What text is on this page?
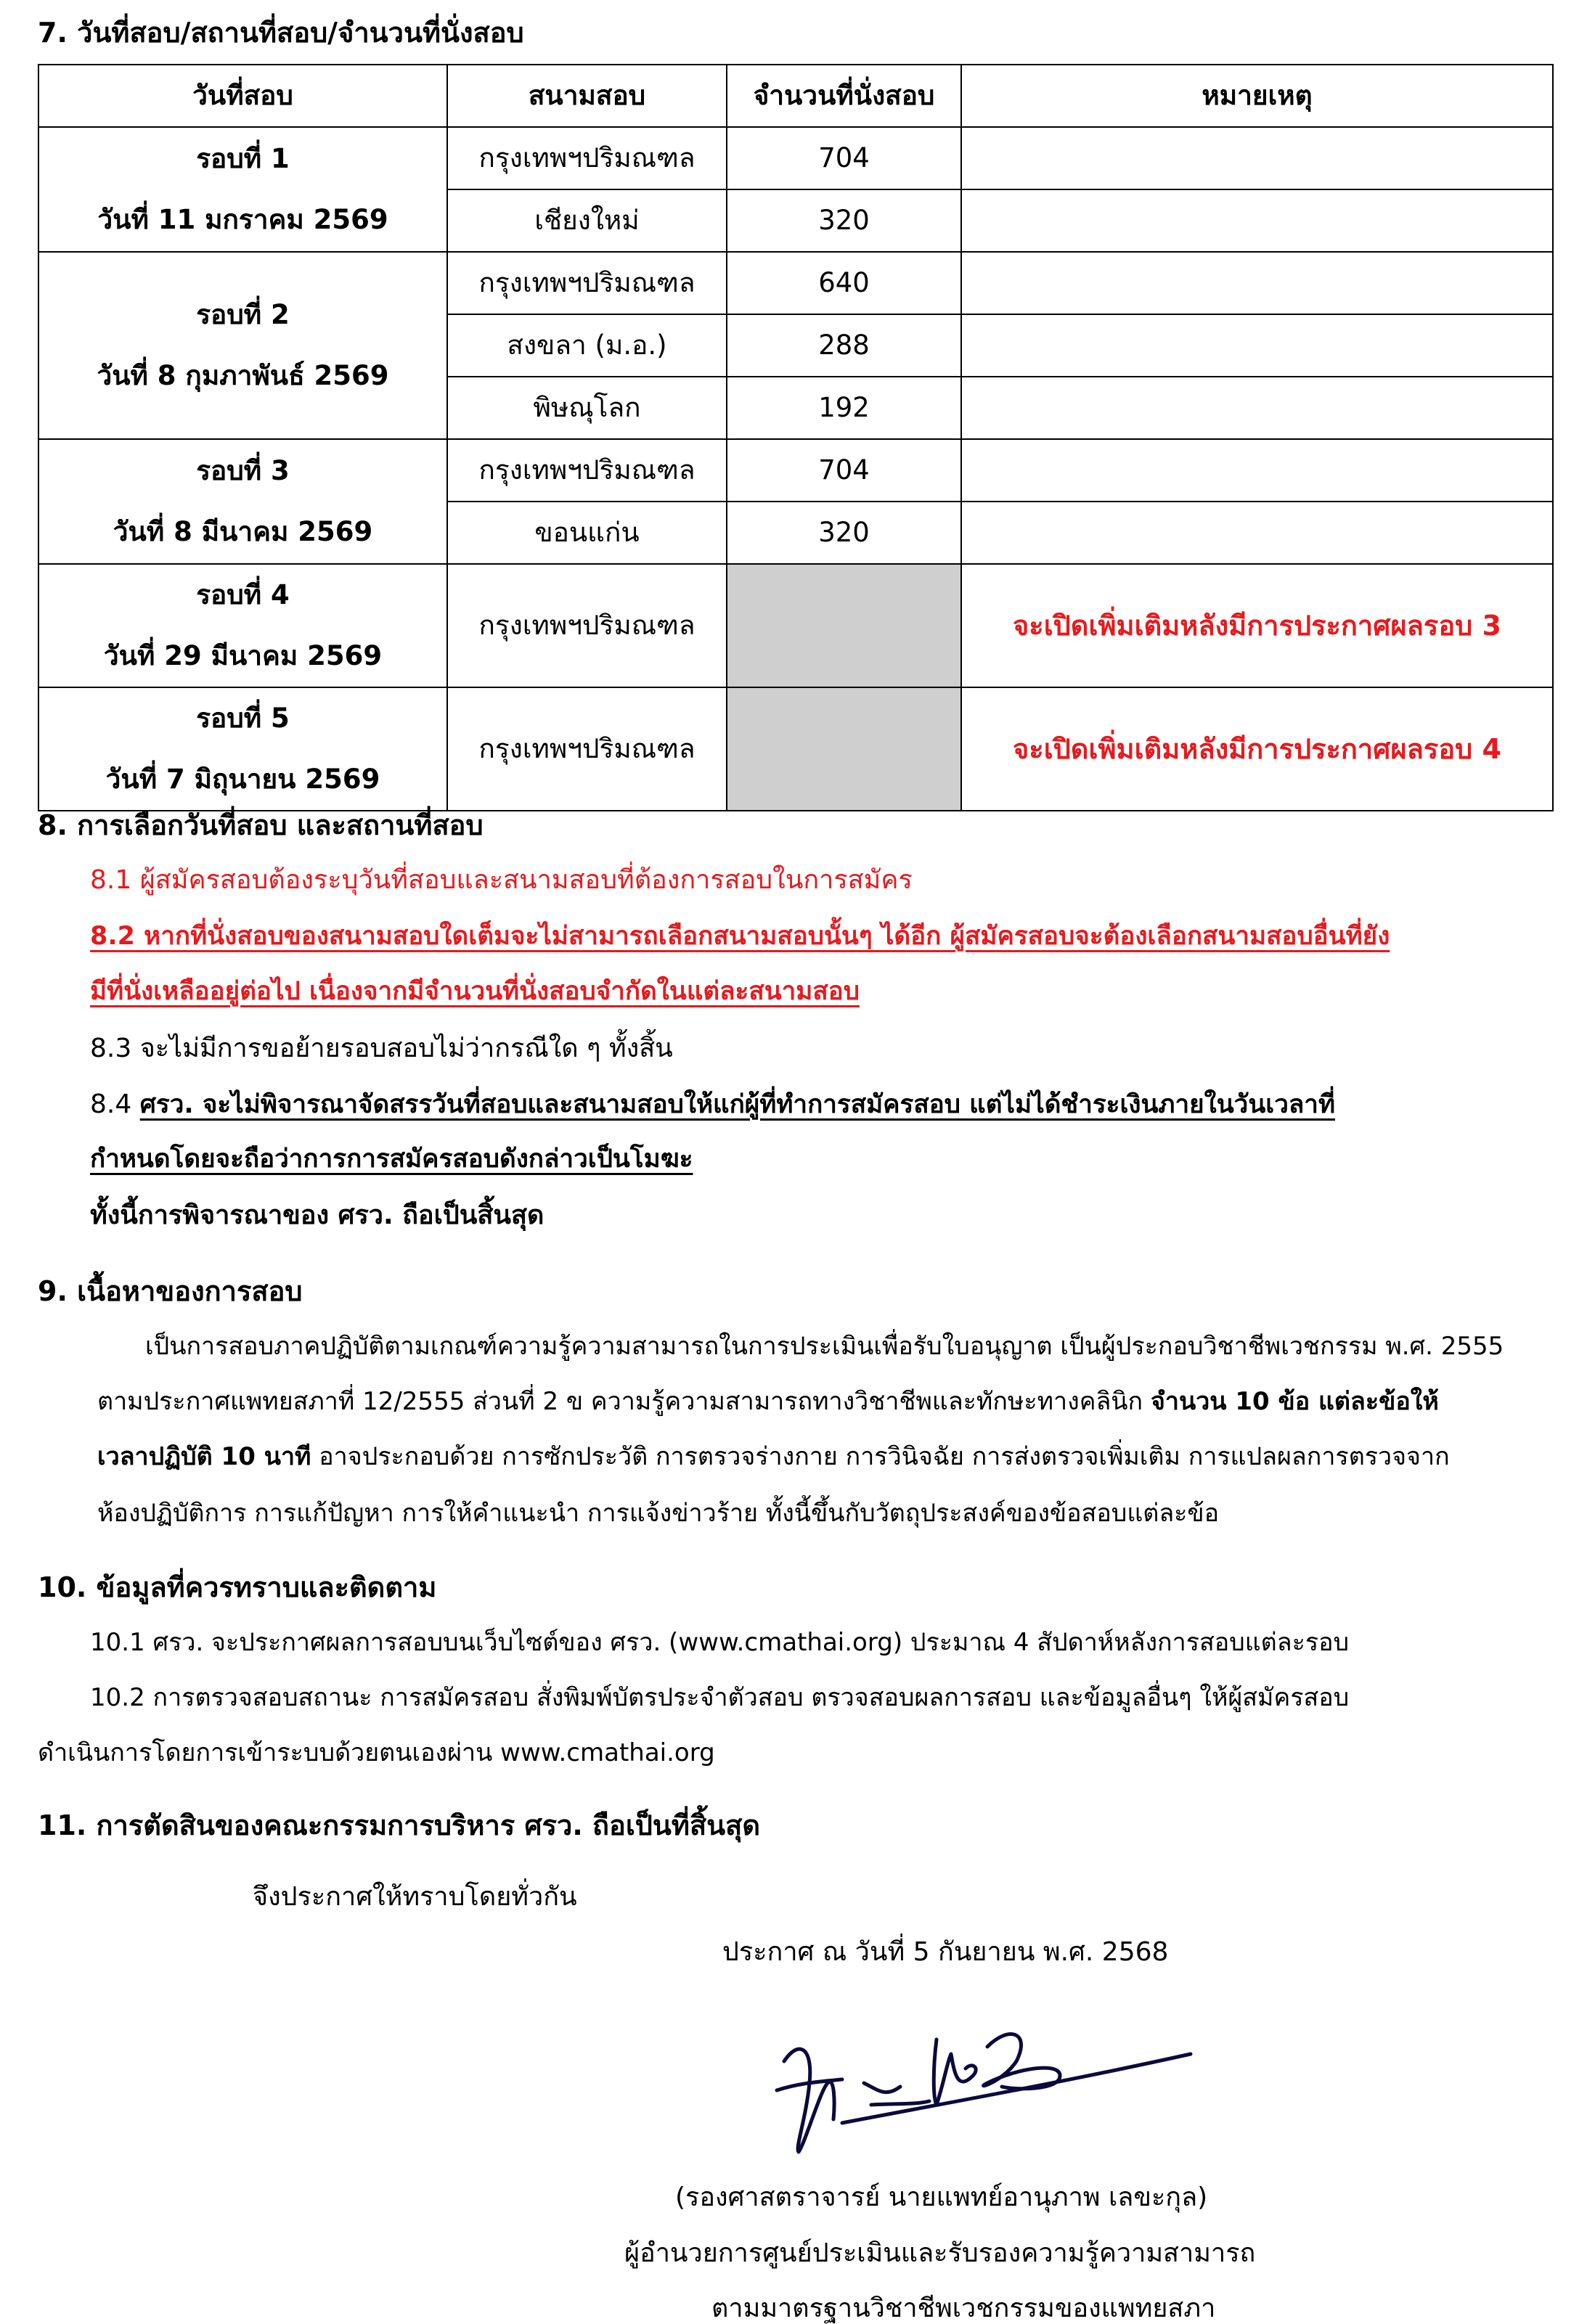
7. วันที่สอบ/สถานที่สอบ/จำนวนที่นั่งสอบ
วันที่สอบ	สนามสอบ	จำนวนที่นั่งสอบ	หมายเหตุ

รอบที่ 1
วันที่ 11 มกราคม 2569	กรุงเทพฯปริมณฑล	704	
	เชียงใหม่	320	

รอบที่ 2
วันที่ 8 กุมภาพันธ์ 2569	กรุงเทพฯปริมณฑล	640	
	สงขลา (ม.อ.)	288	
	พิษณุโลก	192	

รอบที่ 3
วันที่ 8 มีนาคม 2569	กรุงเทพฯปริมณฑล	704	
	ขอนแก่น	320	

รอบที่ 4
วันที่ 29 มีนาคม 2569	กรุงเทพฯปริมณฑล		จะเปิดเพิ่มเติมหลังมีการประกาศผลรอบ 3

รอบที่ 5
วันที่ 7 มิถุนายน 2569	กรุงเทพฯปริมณฑล		จะเปิดเพิ่มเติมหลังมีการประกาศผลรอบ 4
8. การเลือกวันที่สอบ และสถานที่สอบ
8.1 ผู้สมัครสอบต้องระบุวันที่สอบและสนามสอบที่ต้องการสอบในการสมัคร
8.2 หากที่นั่งสอบของสนามสอบใดเต็มจะไม่สามารถเลือกสนามสอบนั้นๆ ได้อีก ผู้สมัครสอบจะต้องเลือกสนามสอบอื่นที่ยัง
มีที่นั่งเหลืออยู่ต่อไป เนื่องจากมีจำนวนที่นั่งสอบจำกัดในแต่ละสนามสอบ
8.3 จะไม่มีการขอย้ายรอบสอบไม่ว่ากรณีใด ๆ ทั้งสิ้น
8.4 ศรว. จะไม่พิจารณาจัดสรรวันที่สอบและสนามสอบให้แก่ผู้ที่ทำการสมัครสอบ แต่ไม่ได้ชำระเงินภายในวันเวลาที่
กำหนดโดยจะถือว่าการการสมัครสอบดังกล่าวเป็นโมฆะ
ทั้งนี้การพิจารณาของ ศรว. ถือเป็นสิ้นสุด
9. เนื้อหาของการสอบ
เป็นการสอบภาคปฏิบัติตามเกณฑ์ความรู้ความสามารถในการประเมินเพื่อรับใบอนุญาต เป็นผู้ประกอบวิชาชีพเวชกรรม พ.ศ. 2555
ตามประกาศแพทยสภาที่ 12/2555 ส่วนที่ 2 ข ความรู้ความสามารถทางวิชาชีพและทักษะทางคลินิก จำนวน 10 ข้อ แต่ละข้อให้
เวลาปฏิบัติ 10 นาที อาจประกอบด้วย การซักประวัติ การตรวจร่างกาย การวินิจฉัย การส่งตรวจเพิ่มเติม การแปลผลการตรวจจาก
ห้องปฏิบัติการ การแก้ปัญหา การให้คำแนะนำ การแจ้งข่าวร้าย ทั้งนี้ขึ้นกับวัตถุประสงค์ของข้อสอบแต่ละข้อ
10. ข้อมูลที่ควรทราบและติดตาม
10.1 ศรว. จะประกาศผลการสอบบนเว็บไซต์ของ ศรว. (www.cmathai.org) ประมาณ 4 สัปดาห์หลังการสอบแต่ละรอบ
10.2 การตรวจสอบสถานะ การสมัครสอบ สั่งพิมพ์บัตรประจำตัวสอบ ตรวจสอบผลการสอบ และข้อมูลอื่นๆ ให้ผู้สมัครสอบ
ดำเนินการโดยการเข้าระบบด้วยตนเองผ่าน www.cmathai.org
11. การตัดสินของคณะกรรมการบริหาร ศรว. ถือเป็นที่สิ้นสุด
จึงประกาศให้ทราบโดยทั่วกัน
ประกาศ ณ วันที่ 5 กันยายน พ.ศ. 2568
(รองศาสตราจารย์ นายแพทย์อานุภาพ เลขะกุล)
ผู้อำนวยการศูนย์ประเมินและรับรองความรู้ความสามารถ
ตามมาตรฐานวิชาชีพเวชกรรมของแพทยสภา
